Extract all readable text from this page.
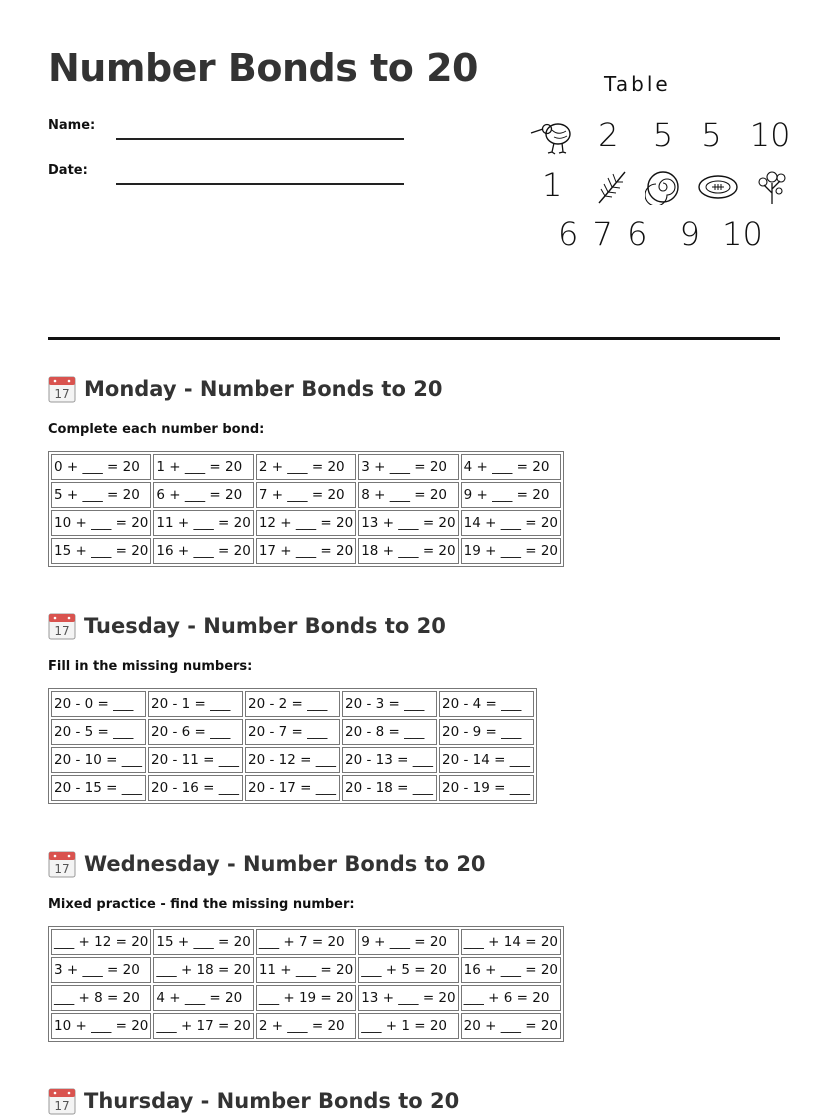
Number Bonds to 20
Name:
Date:
Table
2 5 5 10
1
6 7 6 9 10
17 Monday - Number Bonds to 20
Complete each number bond:
0 + ___ = 20	1 + ___ = 20	2 + ___ = 20	3 + ___ = 20	4 + ___ = 20
5 + ___ = 20	6 + ___ = 20	7 + ___ = 20	8 + ___ = 20	9 + ___ = 20
10 + ___ = 20	11 + ___ = 20	12 + ___ = 20	13 + ___ = 20	14 + ___ = 20
15 + ___ = 20	16 + ___ = 20	17 + ___ = 20	18 + ___ = 20	19 + ___ = 20
17 Tuesday - Number Bonds to 20
Fill in the missing numbers:
20 - 0 = ___	20 - 1 = ___	20 - 2 = ___	20 - 3 = ___	20 - 4 = ___
20 - 5 = ___	20 - 6 = ___	20 - 7 = ___	20 - 8 = ___	20 - 9 = ___
20 - 10 = ___	20 - 11 = ___	20 - 12 = ___	20 - 13 = ___	20 - 14 = ___
20 - 15 = ___	20 - 16 = ___	20 - 17 = ___	20 - 18 = ___	20 - 19 = ___
17 Wednesday - Number Bonds to 20
Mixed practice - find the missing number:
___ + 12 = 20	15 + ___ = 20	___ + 7 = 20	9 + ___ = 20	___ + 14 = 20
3 + ___ = 20	___ + 18 = 20	11 + ___ = 20	___ + 5 = 20	16 + ___ = 20
___ + 8 = 20	4 + ___ = 20	___ + 19 = 20	13 + ___ = 20	___ + 6 = 20
10 + ___ = 20	___ + 17 = 20	2 + ___ = 20	___ + 1 = 20	20 + ___ = 20
17 Thursday - Number Bonds to 20
